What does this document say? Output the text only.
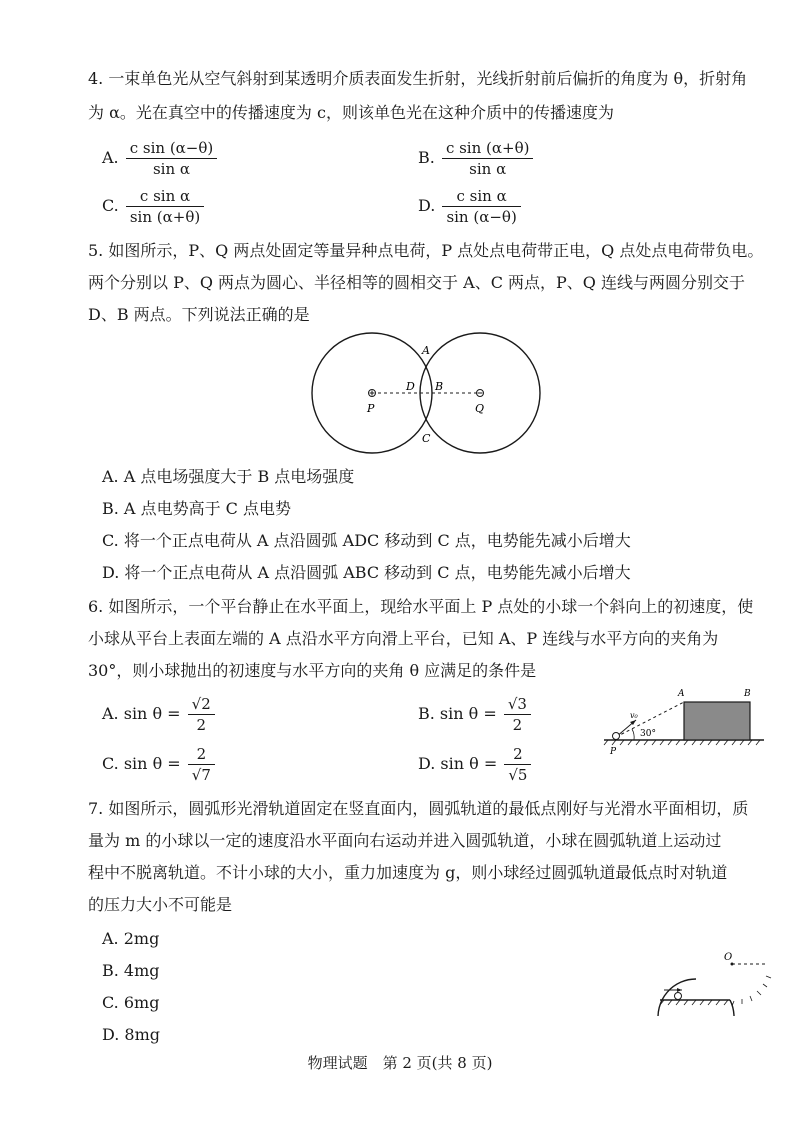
4. 一束单色光从空气斜射到某透明介质表面发生折射，光线折射前后偏折的角度为 θ，折射角
为 α。光在真空中的传播速度为 c，则该单色光在这种介质中的传播速度为
A. $\frac{\text{c sin (α−θ)}}{\text{sin α}}$	B. $\frac{\text{c sin (α+θ)}}{\text{sin α}}$
C. $\frac{\text{c sin α}}{\sin (\alpha+\theta)}$	D. $\frac{\text{c sin α}}{\sin (\alpha-\theta)}$
5. 如图所示，P、Q 两点处固定等量异种点电荷，P 点处点电荷带正电，Q 点处点电荷带负电。
两个分别以 P、Q 两点为圆心、半径相等的圆相交于 A、C 两点，P、Q 连线与两圆分别交于
D、B 两点。下列说法正确的是
A
D B
C
P	Q
A. A 点电场强度大于 B 点电场强度
B. A 点电势高于 C 点电势
C. 将一个正点电荷从 A 点沿圆弧 ADC 移动到 C 点，电势能先减小后增大
D. 将一个正点电荷从 A 点沿圆弧 ABC 移动到 C 点，电势能先减小后增大
6. 如图所示，一个平台静止在水平面上，现给水平面上 P 点处的小球一个斜向上的初速度，使
小球从平台上表面左端的 A 点沿水平方向滑上平台，已知 A、P 连线与水平方向的夹角为
30°，则小球抛出的初速度与水平方向的夹角 θ 应满足的条件是
A. $\sin \theta = \frac{√2}{2}$	B. $\sin \theta = \frac{√3}{2}$
C. $\sin \theta = \frac{2}{√7}$	D. $\sin \theta = \frac{2}{√5}$
30°
v₀
A	B
P
7. 如图所示，圆弧形光滑轨道固定在竖直面内，圆弧轨道的最低点刚好与光滑水平面相切，质
量为 m 的小球以一定的速度沿水平面向右运动并进入圆弧轨道，小球在圆弧轨道上运动过
程中不脱离轨道。不计小球的大小，重力加速度为 g，则小球经过圆弧轨道最低点时对轨道
的压力大小不可能是
A. 2mg
B. 4mg
C. 6mg
D. 8mg
O
物理试题　第 2 页(共 8 页)
